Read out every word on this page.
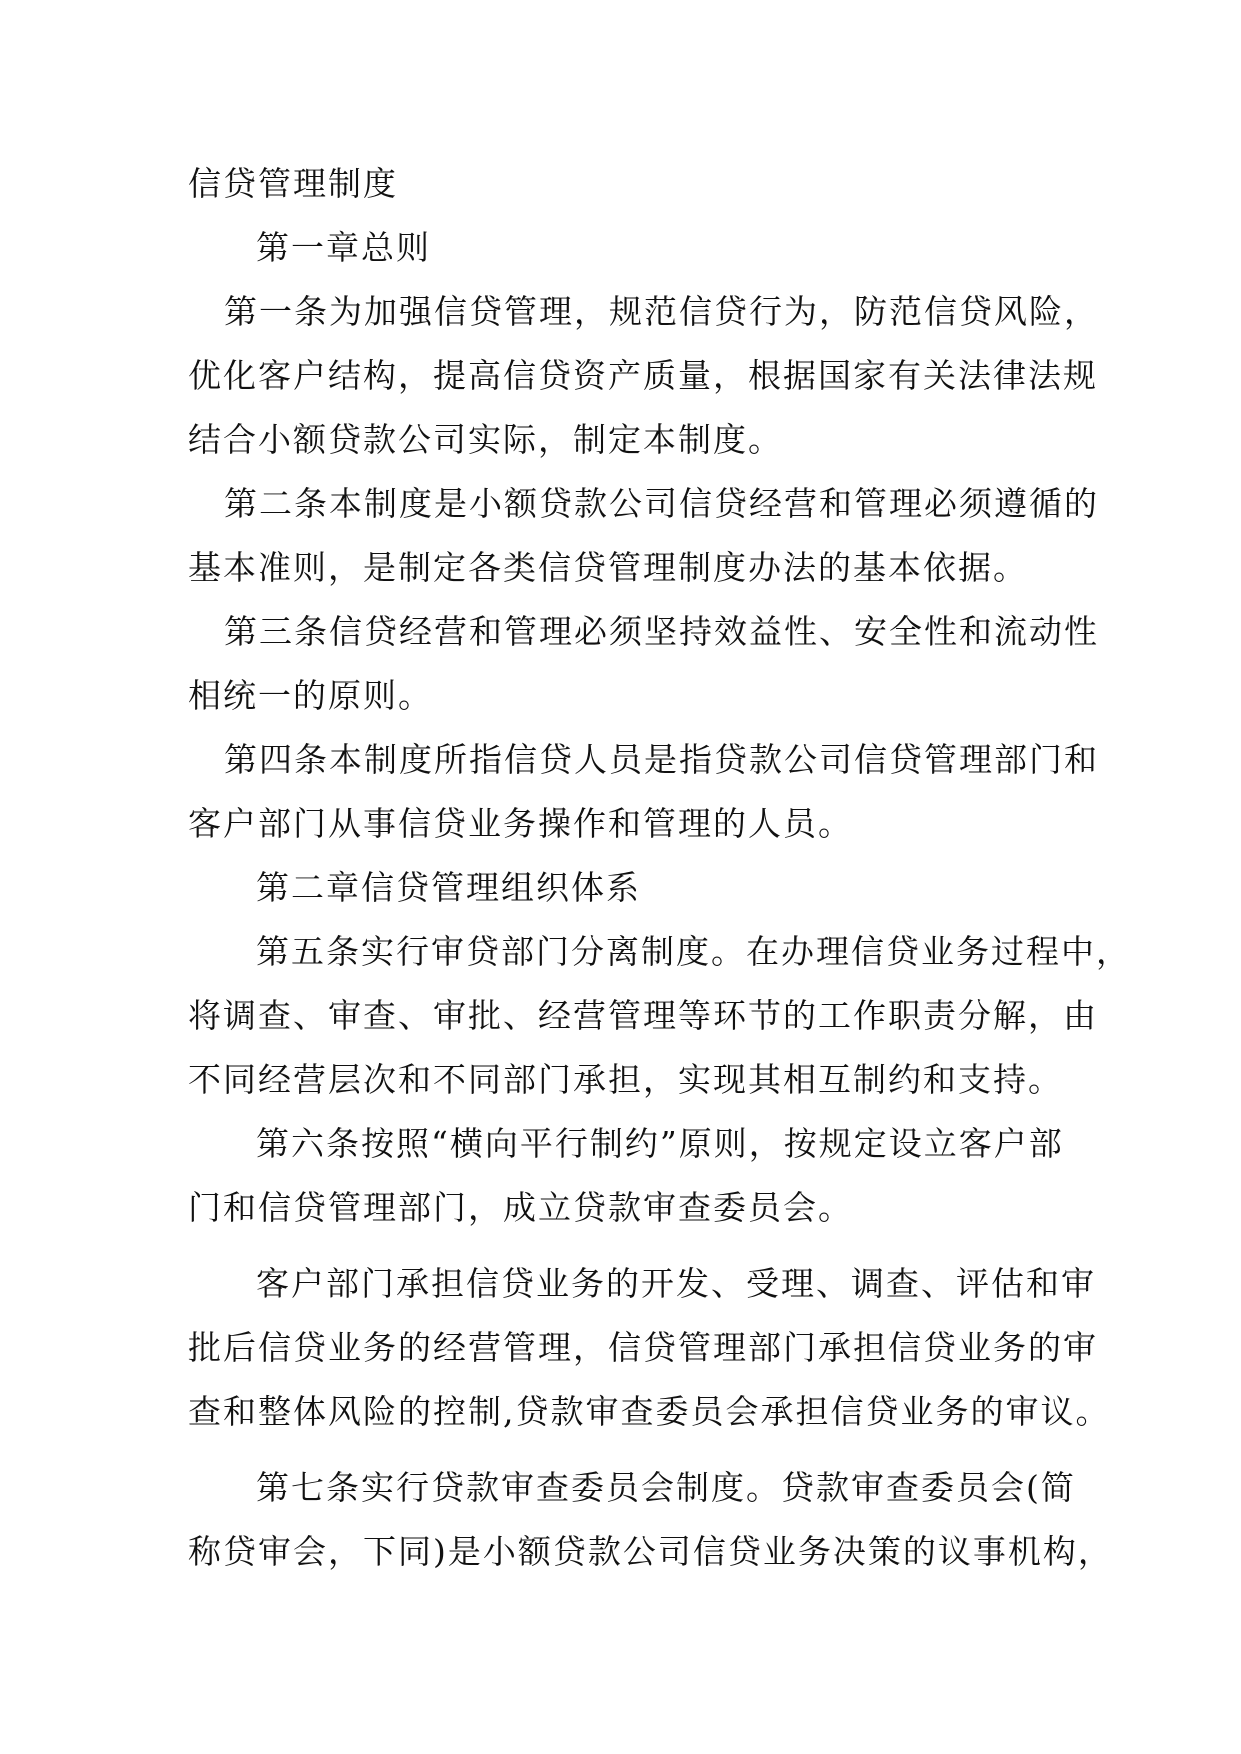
信贷管理制度
第一章总则
第一条为加强信贷管理，规范信贷行为，防范信贷风险，
优化客户结构，提高信贷资产质量，根据国家有关法律法规
结合小额贷款公司实际，制定本制度。
第二条本制度是小额贷款公司信贷经营和管理必须遵循的
基本准则，是制定各类信贷管理制度办法的基本依据。
第三条信贷经营和管理必须坚持效益性、安全性和流动性
相统一的原则。
第四条本制度所指信贷人员是指贷款公司信贷管理部门和
客户部门从事信贷业务操作和管理的人员。
第二章信贷管理组织体系
第五条实行审贷部门分离制度。在办理信贷业务过程中，
将调查、审查、审批、经营管理等环节的工作职责分解，由
不同经营层次和不同部门承担，实现其相互制约和支持。
第六条按照“横向平行制约”原则，按规定设立客户部
门和信贷管理部门，成立贷款审查委员会。
客户部门承担信贷业务的开发、受理、调查、评估和审
批后信贷业务的经营管理，信贷管理部门承担信贷业务的审
查和整体风险的控制,贷款审查委员会承担信贷业务的审议。
第七条实行贷款审查委员会制度。贷款审查委员会(简
称贷审会，下同)是小额贷款公司信贷业务决策的议事机构，
